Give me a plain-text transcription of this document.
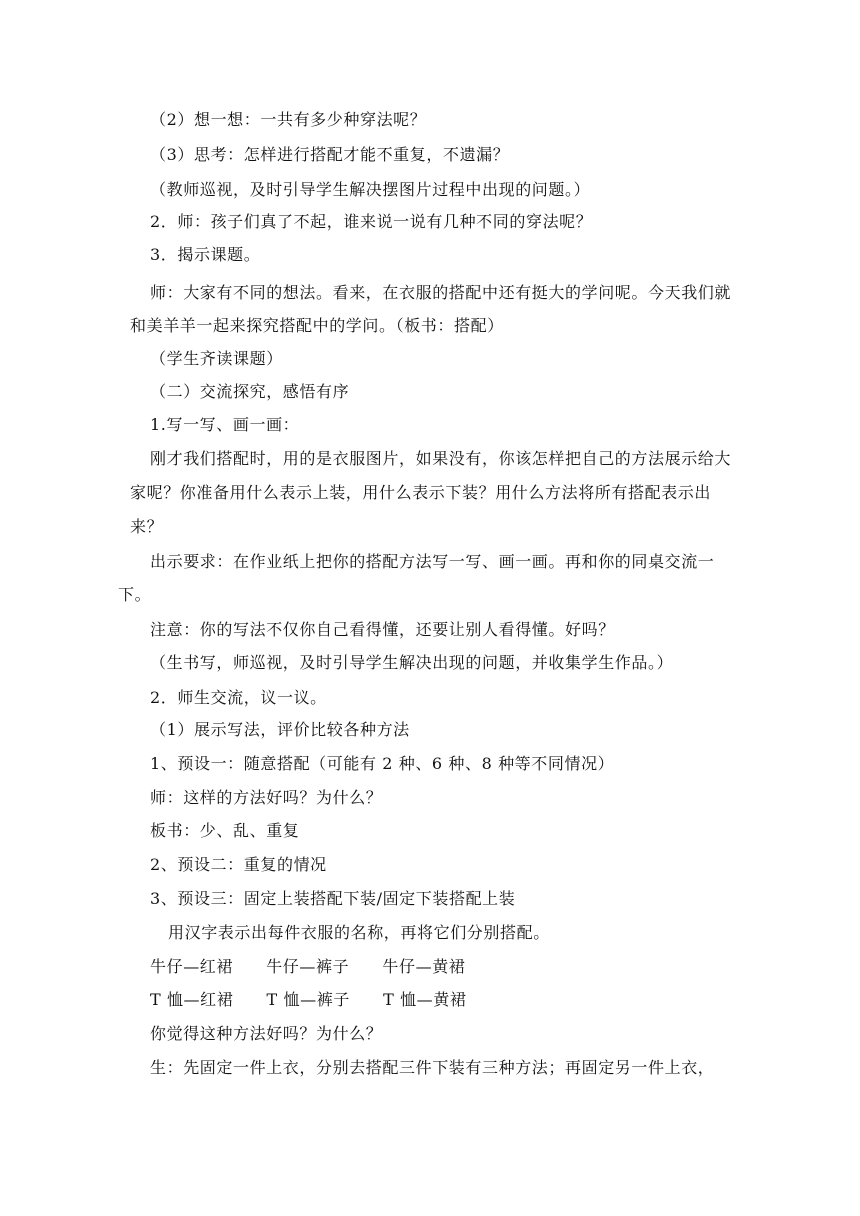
（2）想一想：一共有多少种穿法呢？
（3）思考：怎样进行搭配才能不重复，不遗漏？
（教师巡视，及时引导学生解决摆图片过程中出现的问题。）
2．师：孩子们真了不起，谁来说一说有几种不同的穿法呢？
3．揭示课题。
师：大家有不同的想法。看来，在衣服的搭配中还有挺大的学问呢。今天我们就
和美羊羊一起来探究搭配中的学问。（板书：搭配）
（学生齐读课题）
（二）交流探究，感悟有序
1.写一写、画一画：
刚才我们搭配时，用的是衣服图片，如果没有，你该怎样把自己的方法展示给大
家呢？你准备用什么表示上装，用什么表示下装？用什么方法将所有搭配表示出
来？
出示要求：在作业纸上把你的搭配方法写一写、画一画。再和你的同桌交流一
下。
注意：你的写法不仅你自己看得懂，还要让别人看得懂。好吗？
（生书写，师巡视，及时引导学生解决出现的问题，并收集学生作品。）
2．师生交流，议一议。
（1）展示写法，评价比较各种方法
1、预设一：随意搭配（可能有 2 种、6 种、8 种等不同情况）
师：这样的方法好吗？为什么？
板书：少、乱、重复
2、预设二：重复的情况
3、预设三：固定上装搭配下装/固定下装搭配上装
用汉字表示出每件衣服的名称，再将它们分别搭配。
牛仔—红裙　　牛仔—裤子　　牛仔—黄裙
T 恤—红裙　　T 恤—裤子　　T 恤—黄裙
你觉得这种方法好吗？为什么？
生：先固定一件上衣，分别去搭配三件下装有三种方法；再固定另一件上衣，
